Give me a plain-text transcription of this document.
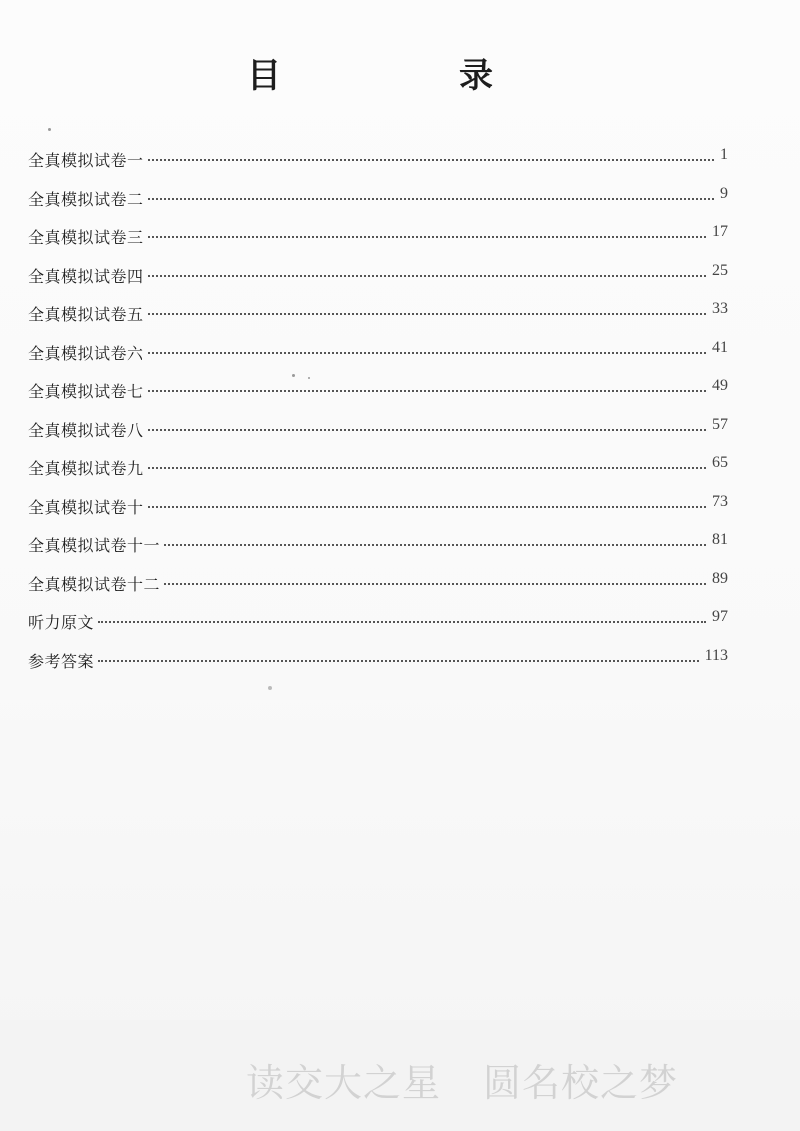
目　录
全真模拟试卷一	1
全真模拟试卷二	9
全真模拟试卷三	17
全真模拟试卷四	25
全真模拟试卷五	33
全真模拟试卷六	41
全真模拟试卷七	49
全真模拟试卷八	57
全真模拟试卷九	65
全真模拟试卷十	73
全真模拟试卷十一	81
全真模拟试卷十二	89
听力原文	97
参考答案	113
读交大之星 圆名校之梦
